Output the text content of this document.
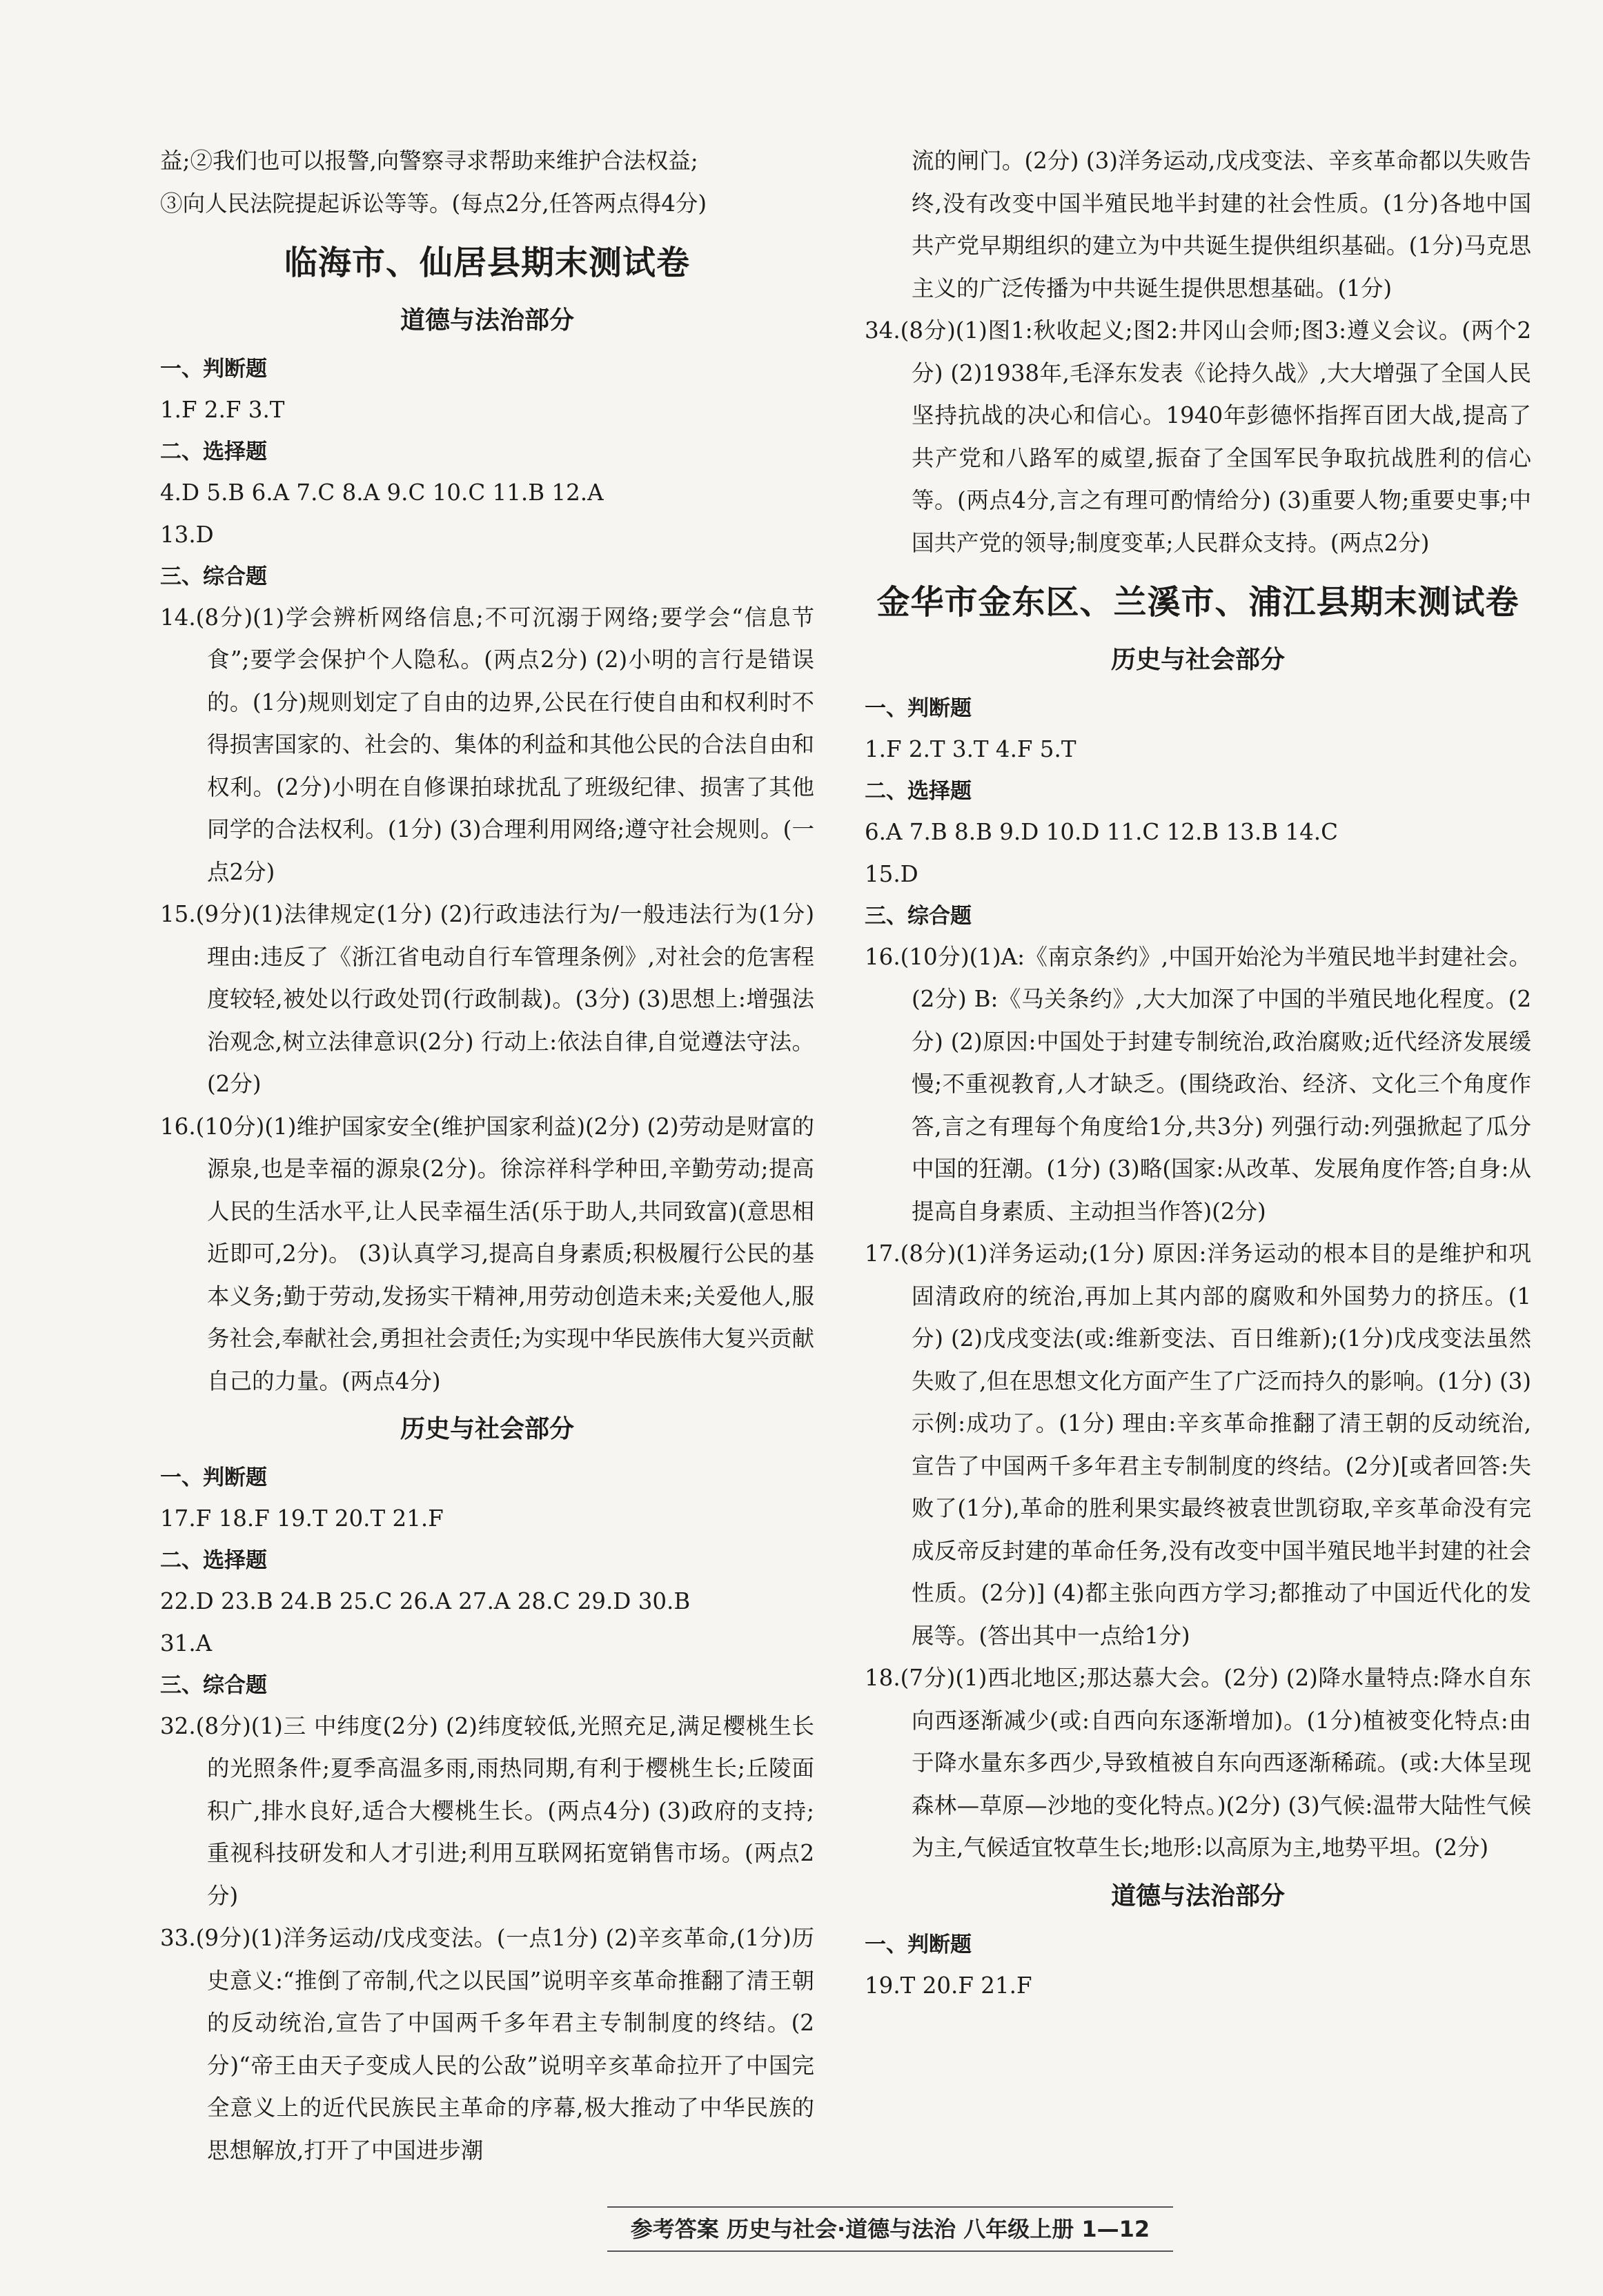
益;②我们也可以报警,向警察寻求帮助来维护合法权益;

③向人民法院提起诉讼等等。(每点2分,任答两点得4分)

临海市、仙居县期末测试卷
道德与法治部分

一、判断题

1.F 2.F 3.T

二、选择题

4.D 5.B 6.A 7.C 8.A 9.C 10.C 11.B 12.A

13.D

三、综合题

14.(8分)(1)学会辨析网络信息;不可沉溺于网络;要学会“信息节食”;要学会保护个人隐私。(两点2分) (2)小明的言行是错误的。(1分)规则划定了自由的边界,公民在行使自由和权利时不得损害国家的、社会的、集体的利益和其他公民的合法自由和权利。(2分)小明在自修课拍球扰乱了班级纪律、损害了其他同学的合法权利。(1分) (3)合理利用网络;遵守社会规则。(一点2分)

15.(9分)(1)法律规定(1分) (2)行政违法行为/一般违法行为(1分) 理由:违反了《浙江省电动自行车管理条例》,对社会的危害程度较轻,被处以行政处罚(行政制裁)。(3分) (3)思想上:增强法治观念,树立法律意识(2分) 行动上:依法自律,自觉遵法守法。(2分)

16.(10分)(1)维护国家安全(维护国家利益)(2分) (2)劳动是财富的源泉,也是幸福的源泉(2分)。徐淙祥科学种田,辛勤劳动;提高人民的生活水平,让人民幸福生活(乐于助人,共同致富)(意思相近即可,2分)。 (3)认真学习,提高自身素质;积极履行公民的基本义务;勤于劳动,发扬实干精神,用劳动创造未来;关爱他人,服务社会,奉献社会,勇担社会责任;为实现中华民族伟大复兴贡献自己的力量。(两点4分)

历史与社会部分

一、判断题

17.F 18.F 19.T 20.T 21.F

二、选择题

22.D 23.B 24.B 25.C 26.A 27.A 28.C 29.D 30.B

31.A

三、综合题

32.(8分)(1)三 中纬度(2分) (2)纬度较低,光照充足,满足樱桃生长的光照条件;夏季高温多雨,雨热同期,有利于樱桃生长;丘陵面积广,排水良好,适合大樱桃生长。(两点4分) (3)政府的支持;重视科技研发和人才引进;利用互联网拓宽销售市场。(两点2分)

33.(9分)(1)洋务运动/戊戌变法。(一点1分) (2)辛亥革命,(1分)历史意义:“推倒了帝制,代之以民国”说明辛亥革命推翻了清王朝的反动统治,宣告了中国两千多年君主专制制度的终结。(2分)“帝王由天子变成人民的公敌”说明辛亥革命拉开了中国完全意义上的近代民族民主革命的序幕,极大推动了中华民族的思想解放,打开了中国进步潮

流的闸门。(2分) (3)洋务运动,戊戌变法、辛亥革命都以失败告终,没有改变中国半殖民地半封建的社会性质。(1分)各地中国共产党早期组织的建立为中共诞生提供组织基础。(1分)马克思主义的广泛传播为中共诞生提供思想基础。(1分)

34.(8分)(1)图1:秋收起义;图2:井冈山会师;图3:遵义会议。(两个2分) (2)1938年,毛泽东发表《论持久战》,大大增强了全国人民坚持抗战的决心和信心。1940年彭德怀指挥百团大战,提高了共产党和八路军的威望,振奋了全国军民争取抗战胜利的信心等。(两点4分,言之有理可酌情给分) (3)重要人物;重要史事;中国共产党的领导;制度变革;人民群众支持。(两点2分)

金华市金东区、兰溪市、浦江县期末测试卷
历史与社会部分

一、判断题

1.F 2.T 3.T 4.F 5.T

二、选择题

6.A 7.B 8.B 9.D 10.D 11.C 12.B 13.B 14.C

15.D

三、综合题

16.(10分)(1)A:《南京条约》,中国开始沦为半殖民地半封建社会。(2分) B:《马关条约》,大大加深了中国的半殖民地化程度。(2分) (2)原因:中国处于封建专制统治,政治腐败;近代经济发展缓慢;不重视教育,人才缺乏。(围绕政治、经济、文化三个角度作答,言之有理每个角度给1分,共3分) 列强行动:列强掀起了瓜分中国的狂潮。(1分) (3)略(国家:从改革、发展角度作答;自身:从提高自身素质、主动担当作答)(2分)

17.(8分)(1)洋务运动;(1分) 原因:洋务运动的根本目的是维护和巩固清政府的统治,再加上其内部的腐败和外国势力的挤压。(1分) (2)戊戌变法(或:维新变法、百日维新);(1分)戊戌变法虽然失败了,但在思想文化方面产生了广泛而持久的影响。(1分) (3)示例:成功了。(1分) 理由:辛亥革命推翻了清王朝的反动统治,宣告了中国两千多年君主专制制度的终结。(2分)[或者回答:失败了(1分),革命的胜利果实最终被袁世凯窃取,辛亥革命没有完成反帝反封建的革命任务,没有改变中国半殖民地半封建的社会性质。(2分)] (4)都主张向西方学习;都推动了中国近代化的发展等。(答出其中一点给1分)

18.(7分)(1)西北地区;那达慕大会。(2分) (2)降水量特点:降水自东向西逐渐减少(或:自西向东逐渐增加)。(1分)植被变化特点:由于降水量东多西少,导致植被自东向西逐渐稀疏。(或:大体呈现森林—草原—沙地的变化特点。)(2分) (3)气候:温带大陆性气候为主,气候适宜牧草生长;地形:以高原为主,地势平坦。(2分)

道德与法治部分

一、判断题

19.T 20.F 21.F

参考答案 历史与社会·道德与法治 八年级上册 1—12
